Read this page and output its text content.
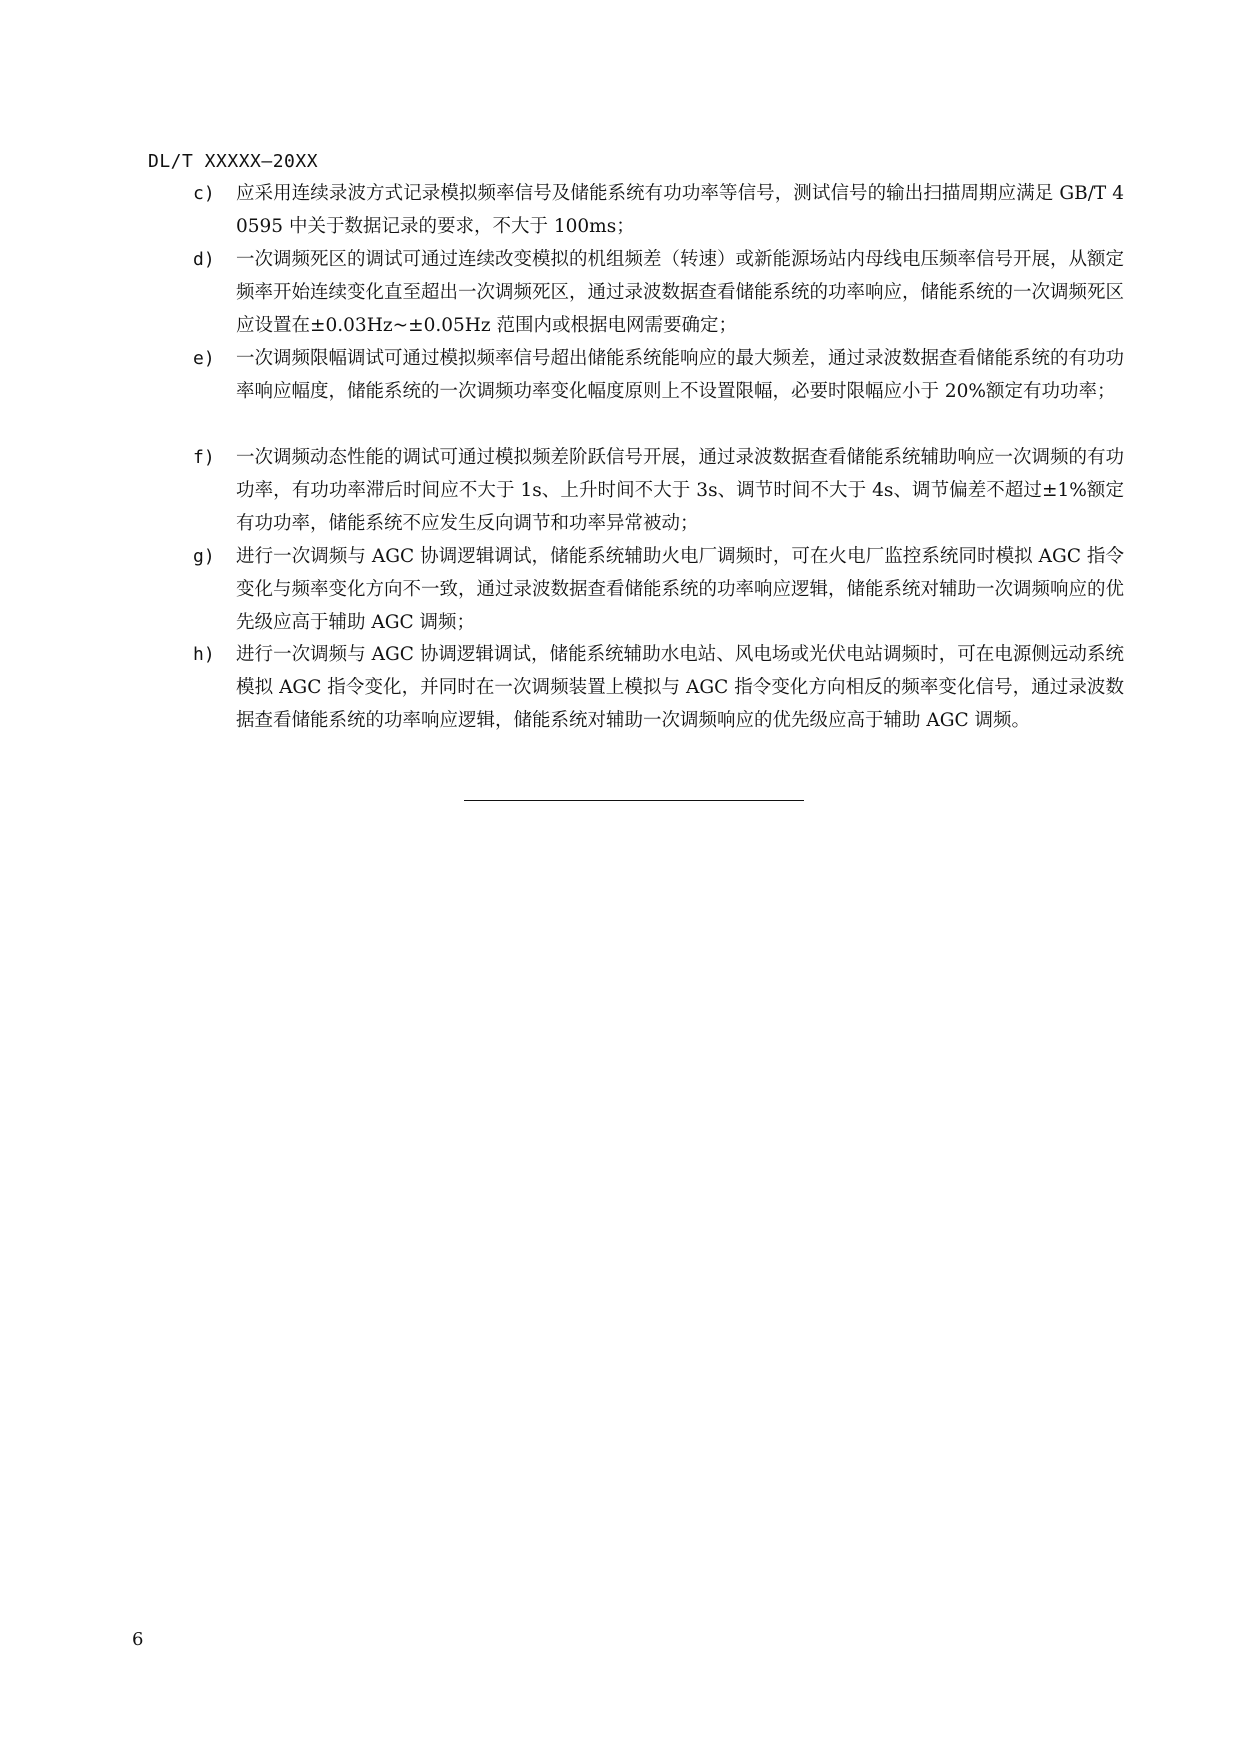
DL/T XXXXX—20XX
c) 应采用连续录波方式记录模拟频率信号及储能系统有功功率等信号，测试信号的输出扫描周期应满足 GB/T 40595 中关于数据记录的要求，不大于 100ms；

d) 一次调频死区的调试可通过连续改变模拟的机组频差（转速）或新能源场站内母线电压频率信号开展，从额定频率开始连续变化直至超出一次调频死区，通过录波数据查看储能系统的功率响应，储能系统的一次调频死区应设置在±0.03Hz~±0.05Hz 范围内或根据电网需要确定；

e) 一次调频限幅调试可通过模拟频率信号超出储能系统能响应的最大频差，通过录波数据查看储能系统的有功功率响应幅度，储能系统的一次调频功率变化幅度原则上不设置限幅，必要时限幅应小于 20%额定有功功率；

f) 一次调频动态性能的调试可通过模拟频差阶跃信号开展，通过录波数据查看储能系统辅助响应一次调频的有功功率，有功功率滞后时间应不大于 1s、上升时间不大于 3s、调节时间不大于 4s、调节偏差不超过±1%额定有功功率，储能系统不应发生反向调节和功率异常被动；

g) 进行一次调频与 AGC 协调逻辑调试，储能系统辅助火电厂调频时，可在火电厂监控系统同时模拟 AGC 指令变化与频率变化方向不一致，通过录波数据查看储能系统的功率响应逻辑，储能系统对辅助一次调频响应的优先级应高于辅助 AGC 调频；

h) 进行一次调频与 AGC 协调逻辑调试，储能系统辅助水电站、风电场或光伏电站调频时，可在电源侧远动系统模拟 AGC 指令变化，并同时在一次调频装置上模拟与 AGC 指令变化方向相反的频率变化信号，通过录波数据查看储能系统的功率响应逻辑，储能系统对辅助一次调频响应的优先级应高于辅助 AGC 调频。

6
